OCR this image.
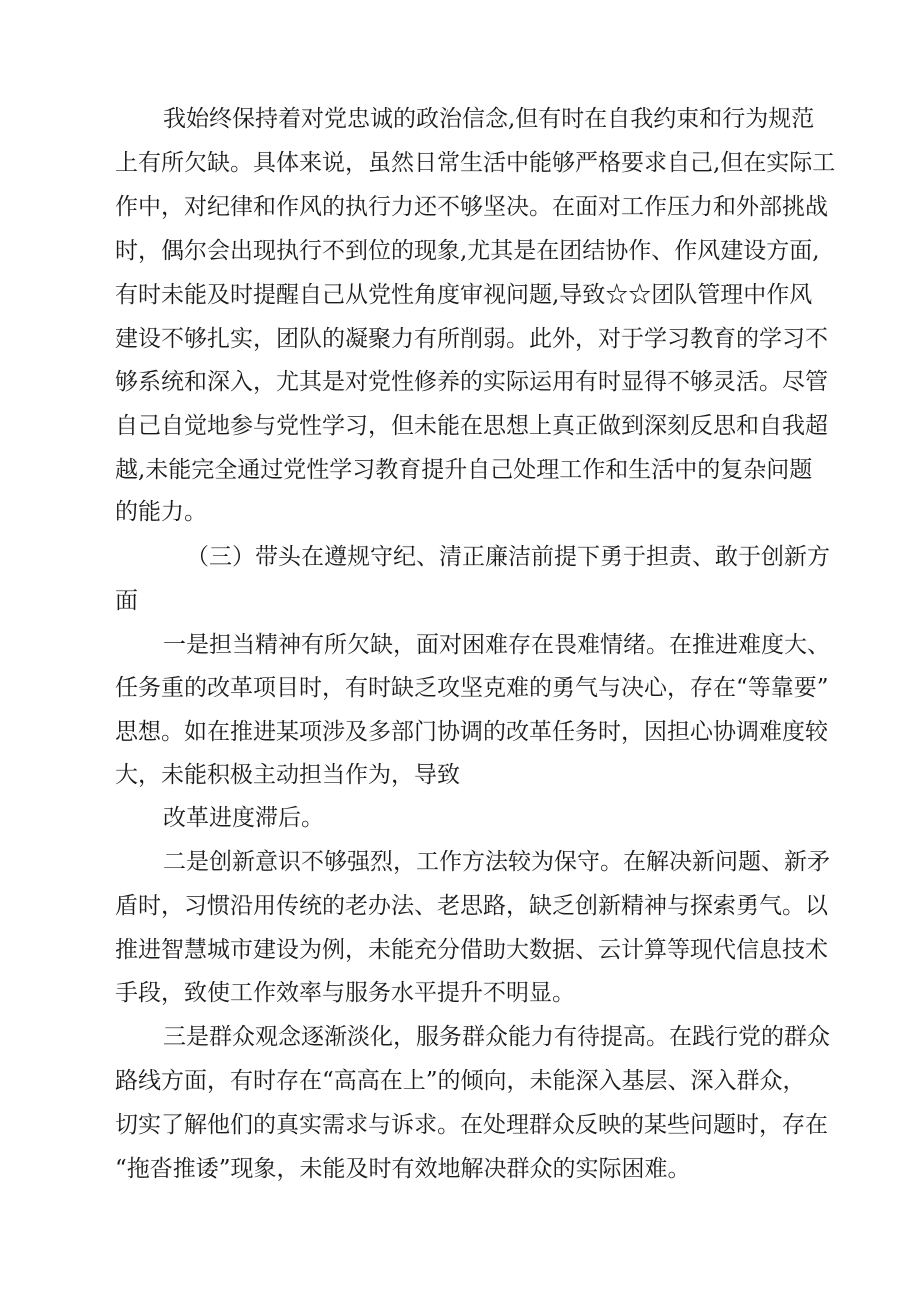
我始终保持着对党忠诚的政治信念,但有时在自我约束和行为规范
上有所欠缺。具体来说，虽然日常生活中能够严格要求自己,但在实际工
作中，对纪律和作风的执行力还不够坚决。在面对工作压力和外部挑战
时，偶尔会出现执行不到位的现象,尤其是在团结协作、作风建设方面,
有时未能及时提醒自己从党性角度审视问题,导致☆☆团队管理中作风
建设不够扎实，团队的凝聚力有所削弱。此外，对于学习教育的学习不
够系统和深入，尤其是对党性修养的实际运用有时显得不够灵活。尽管
自己自觉地参与党性学习，但未能在思想上真正做到深刻反思和自我超
越,未能完全通过党性学习教育提升自己处理工作和生活中的复杂问题
的能力。
（三）带头在遵规守纪、清正廉洁前提下勇于担责、敢于创新方
面
一是担当精神有所欠缺，面对困难存在畏难情绪。在推进难度大、
任务重的改革项目时，有时缺乏攻坚克难的勇气与决心，存在“等靠要”
思想。如在推进某项涉及多部门协调的改革任务时，因担心协调难度较
大，未能积极主动担当作为，导致
改革进度滞后。
二是创新意识不够强烈，工作方法较为保守。在解决新问题、新矛
盾时，习惯沿用传统的老办法、老思路，缺乏创新精神与探索勇气。以
推进智慧城市建设为例，未能充分借助大数据、云计算等现代信息技术
手段，致使工作效率与服务水平提升不明显。
三是群众观念逐渐淡化，服务群众能力有待提高。在践行党的群众
路线方面，有时存在“高高在上”的倾向，未能深入基层、深入群众，
切实了解他们的真实需求与诉求。在处理群众反映的某些问题时，存在
“拖沓推诿”现象，未能及时有效地解决群众的实际困难。
